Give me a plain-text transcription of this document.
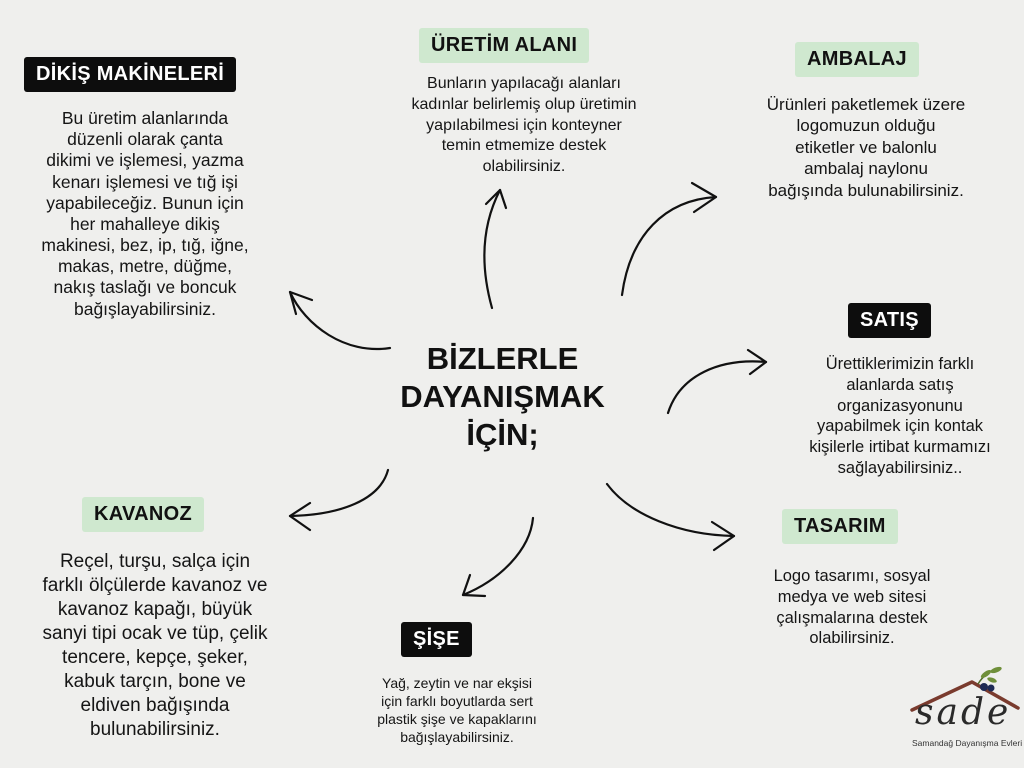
BİZLERLE
DAYANIŞMAK
İÇİN;
DİKİŞ MAKİNELERİ
Bu üretim alanlarında
düzenli olarak çanta
dikimi ve işlemesi, yazma
kenarı işlemesi ve tığ işi
yapabileceğiz. Bunun için
her mahalleye dikiş
makinesi, bez, ip, tığ, iğne,
makas, metre, düğme,
nakış taslağı ve boncuk
bağışlayabilirsiniz.
ÜRETİM ALANI
Bunların yapılacağı alanları
kadınlar belirlemiş olup üretimin
yapılabilmesi için konteyner
temin etmemize destek
olabilirsiniz.
AMBALAJ
Ürünleri paketlemek üzere
logomuzun olduğu
etiketler ve balonlu
ambalaj naylonu
bağışında bulunabilirsiniz.
SATIŞ
Ürettiklerimizin farklı
alanlarda satış
organizasyonunu
yapabilmek için kontak
kişilerle irtibat kurmamızı
sağlayabilirsiniz..
TASARIM
Logo tasarımı, sosyal
medya ve web sitesi
çalışmalarına destek
olabilirsiniz.
ŞİŞE
Yağ, zeytin ve nar ekşisi
için farklı boyutlarda sert
plastik şişe ve kapaklarını
bağışlayabilirsiniz.
KAVANOZ
Reçel, turşu, salça için
farklı ölçülerde kavanoz ve
kavanoz kapağı, büyük
sanyi tipi ocak ve tüp, çelik
tencere, kepçe, şeker,
kabuk tarçın, bone ve
eldiven bağışında
bulunabilirsiniz.	sade
Samandağ Dayanışma Evleri
